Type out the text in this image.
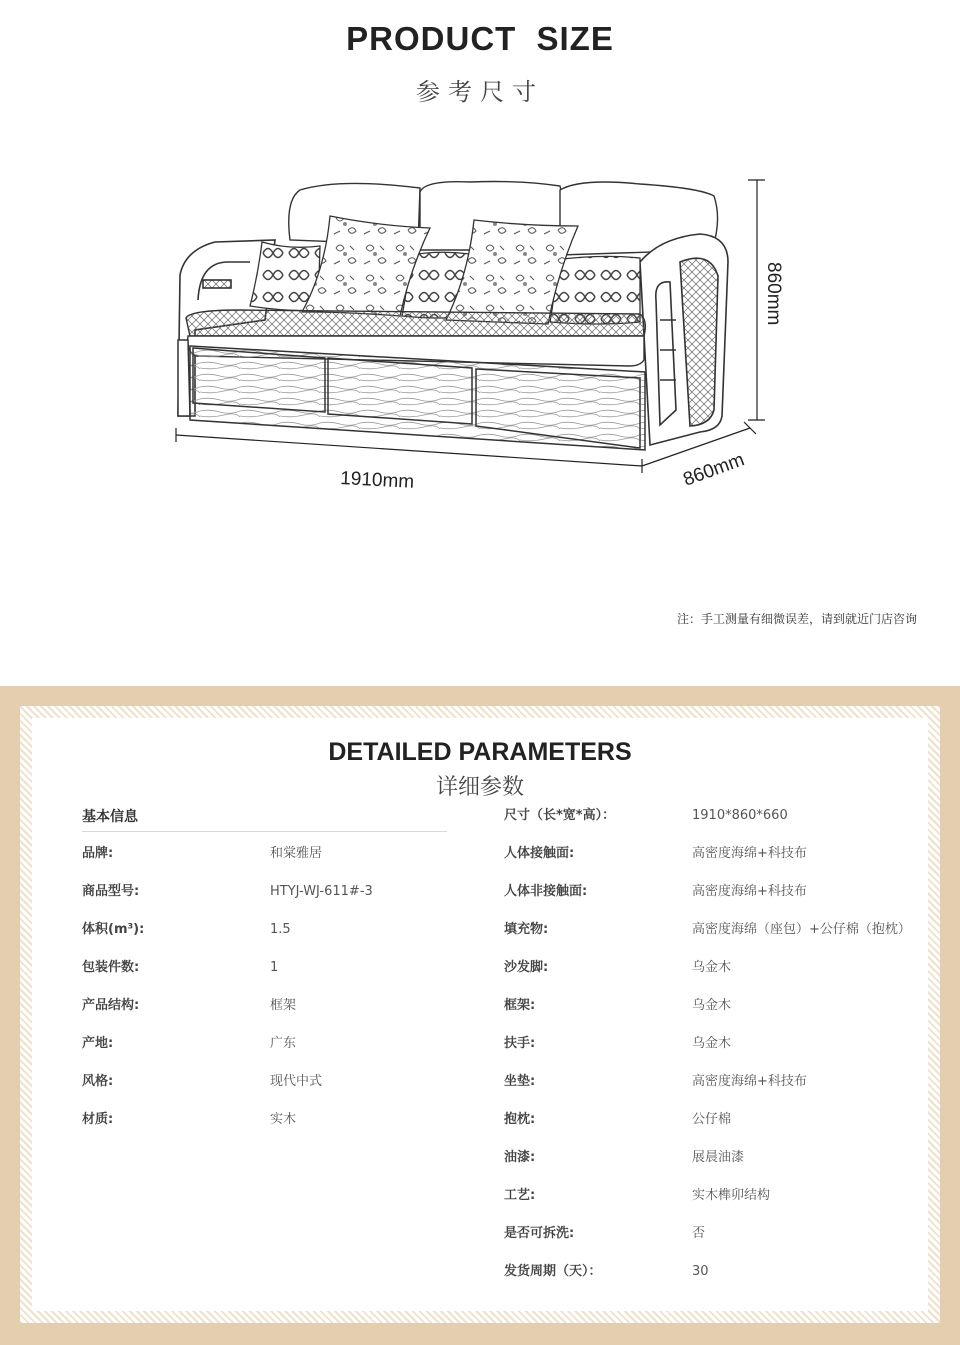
PRODUCT SIZE
参考尺寸
1910mm
860mm
860mm
注：手工测量有细微误差，请到就近门店咨询
DETAILED PARAMETERS
详细参数
基本信息
品牌:	和棠雅居
商品型号:	HTYJ-WJ-611#-3
体积(m³):	1.5
包装件数:	1
产品结构:	框架
产地:	广东
风格:	现代中式
材质:	实木
尺寸（长*宽*高）：	1910*860*660
人体接触面:	高密度海绵+科技布
人体非接触面:	高密度海绵+科技布
填充物:	高密度海绵（座包）+公仔棉（抱枕）
沙发脚:	乌金木
框架:	乌金木
扶手:	乌金木
坐垫:	高密度海绵+科技布
抱枕:	公仔棉
油漆:	展晨油漆
工艺:	实木榫卯结构
是否可拆洗:	否
发货周期（天）：	30
